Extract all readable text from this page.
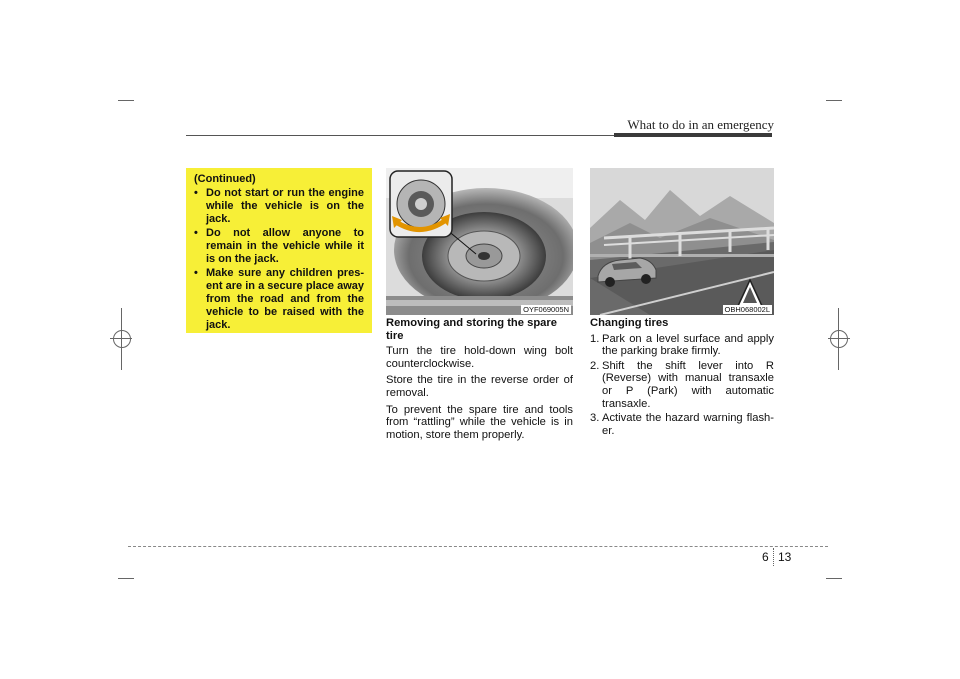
What to do in an emergency
(Continued)
• Do not start or run the engine while the vehicle is on the jack.
• Do not allow anyone to remain in the vehicle while it is on the jack.
• Make sure any children pres- ent are in a secure place away from the road and from the vehicle to be raised with the jack.
OYF069005N	OBH068002L
Removing and storing the spare tire

Turn the tire hold-down wing bolt counterclockwise.

Store the tire in the reverse order of removal.

To prevent the spare tire and tools from “rattling” while the vehicle is in motion, store them properly.

Changing tires
1. Park on a level surface and apply the parking brake firmly.
2. Shift the shift lever into R (Reverse) with manual transaxle or P (Park) with automatic transaxle.
3. Activate the hazard warning flash- er.
6 13
